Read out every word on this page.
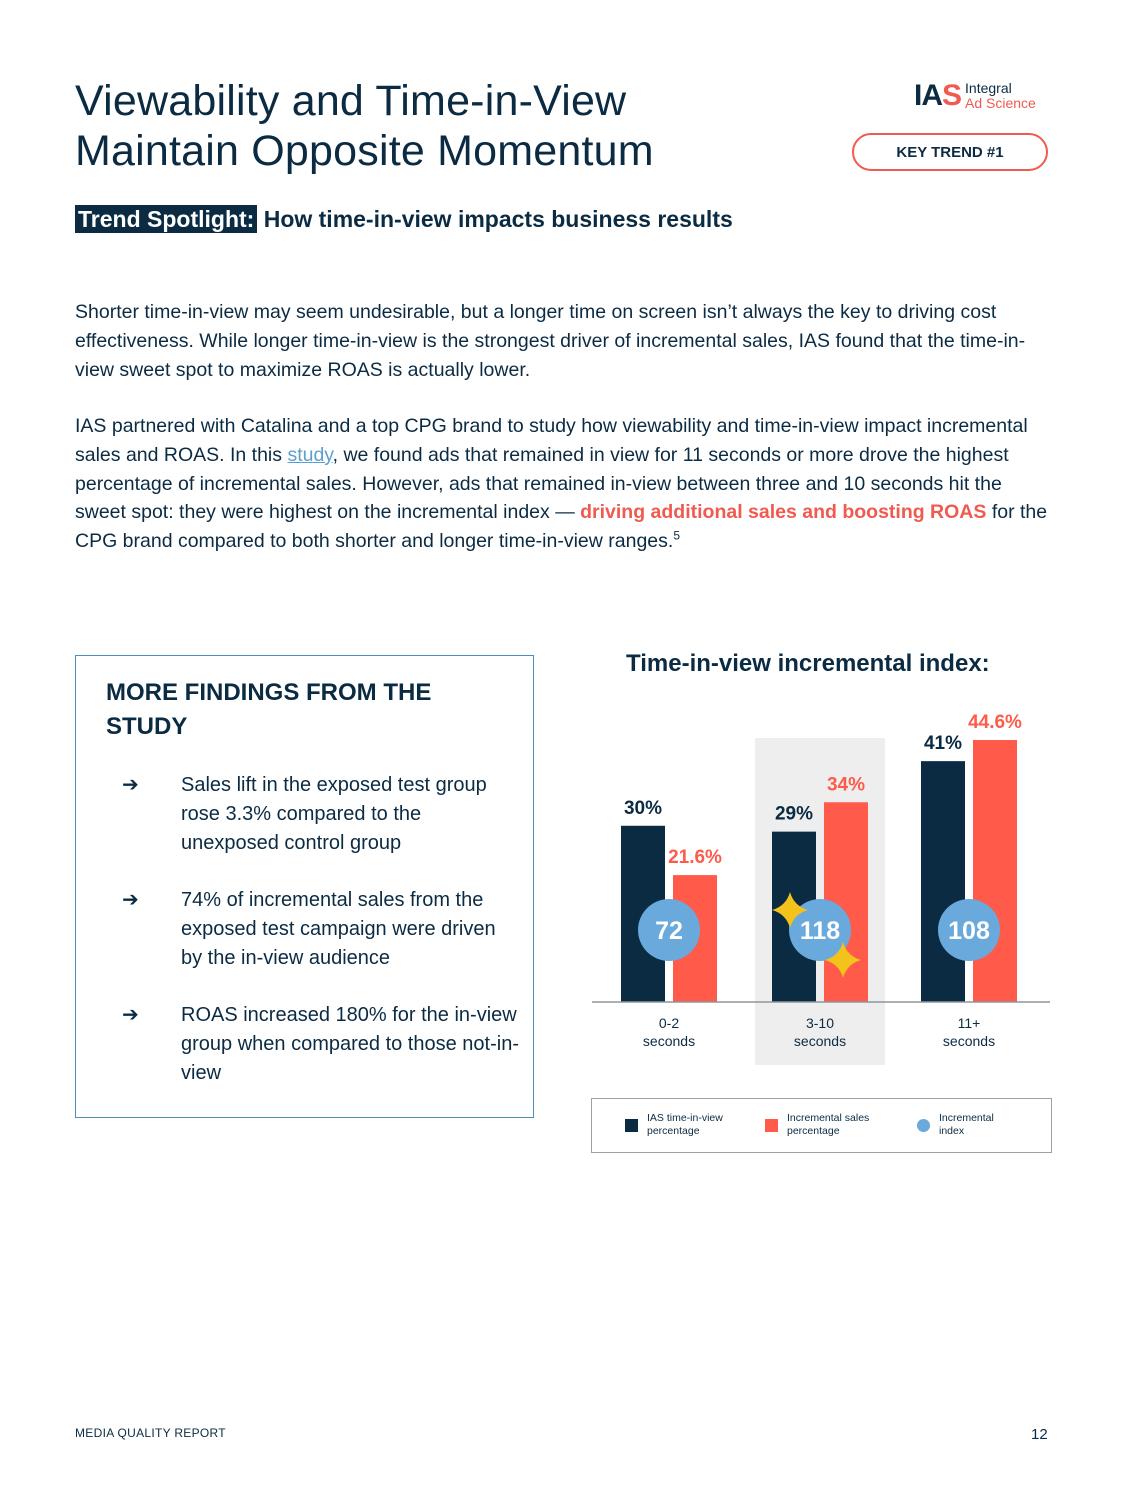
Viewability and Time-in-View
Maintain Opposite Momentum
IAS Integral
Ad Science
KEY TREND #1
Trend Spotlight: How time-in-view impacts business results

Shorter time-in-view may seem undesirable, but a longer time on screen isn’t always the key to driving cost effectiveness. While longer time-in-view is the strongest driver of incremental sales, IAS found that the time-in-view sweet spot to maximize ROAS is actually lower.

IAS partnered with Catalina and a top CPG brand to study how viewability and time-in-view impact incremental sales and ROAS. In this study, we found ads that remained in view for 11 seconds or more drove the highest percentage of incremental sales. However, ads that remained in-view between three and 10 seconds hit the sweet spot: they were highest on the incremental index — driving additional sales and boosting ROAS for the CPG brand compared to both shorter and longer time-in-view ranges.$^5$

MORE FINDINGS FROM THE STUDY
➔ Sales lift in the exposed test group rose 3.3% compared to the unexposed control group
➔ 74% of incremental sales from the exposed test campaign were driven by the in-view audience
➔ ROAS increased 180% for the in-view group when compared to those not-in-view
Time-in-view incremental index:
30%
21.6%
72
0-2
seconds
29%
34%
118
3-10
seconds
41%
44.6%
108
11+
seconds
IAS time-in-view
percentage
Incremental sales
percentage
Incremental
index
MEDIA QUALITY REPORT	12
